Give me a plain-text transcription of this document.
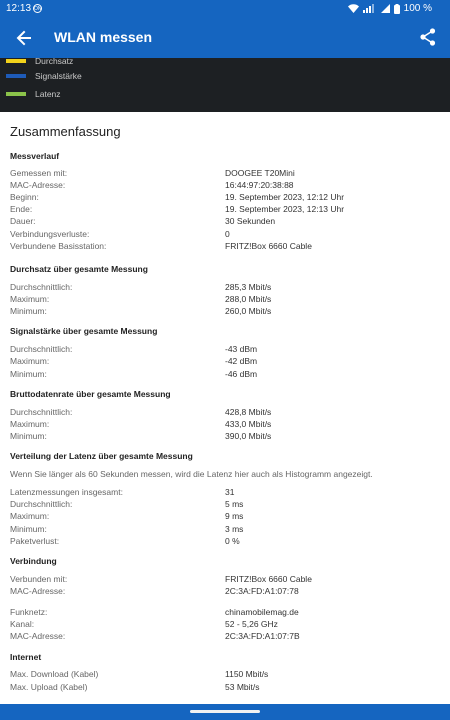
12:13 ON	100 %
WLAN messen
Durchsatz
Signalstärke
Latenz
Zusammenfassung
Messverlauf
Gemessen mit:	DOOGEE T20Mini
MAC-Adresse:	16:44:97:20:38:88
Beginn:	19. September 2023, 12:12 Uhr
Ende:	19. September 2023, 12:13 Uhr
Dauer:	30 Sekunden
Verbindungsverluste:	0
Verbundene Basisstation:	FRITZ!Box 6660 Cable
Durchsatz über gesamte Messung
Durchschnittlich:	285,3 Mbit/s
Maximum:	288,0 Mbit/s
Minimum:	260,0 Mbit/s
Signalstärke über gesamte Messung
Durchschnittlich:	-43 dBm
Maximum:	-42 dBm
Minimum:	-46 dBm
Bruttodatenrate über gesamte Messung
Durchschnittlich:	428,8 Mbit/s
Maximum:	433,0 Mbit/s
Minimum:	390,0 Mbit/s
Verteilung der Latenz über gesamte Messung
Wenn Sie länger als 60 Sekunden messen, wird die Latenz hier auch als Histogramm angezeigt.
Latenzmessungen insgesamt:	31
Durchschnittlich:	5 ms
Maximum:	9 ms
Minimum:	3 ms
Paketverlust:	0 %
Verbindung
Verbunden mit:	FRITZ!Box 6660 Cable
MAC-Adresse:	2C:3A:FD:A1:07:78
Funknetz:	chinamobilemag.de
Kanal:	52 - 5,26 GHz
MAC-Adresse:	2C:3A:FD:A1:07:7B
Internet
Max. Download (Kabel)	1150 Mbit/s
Max. Upload (Kabel)	53 Mbit/s
